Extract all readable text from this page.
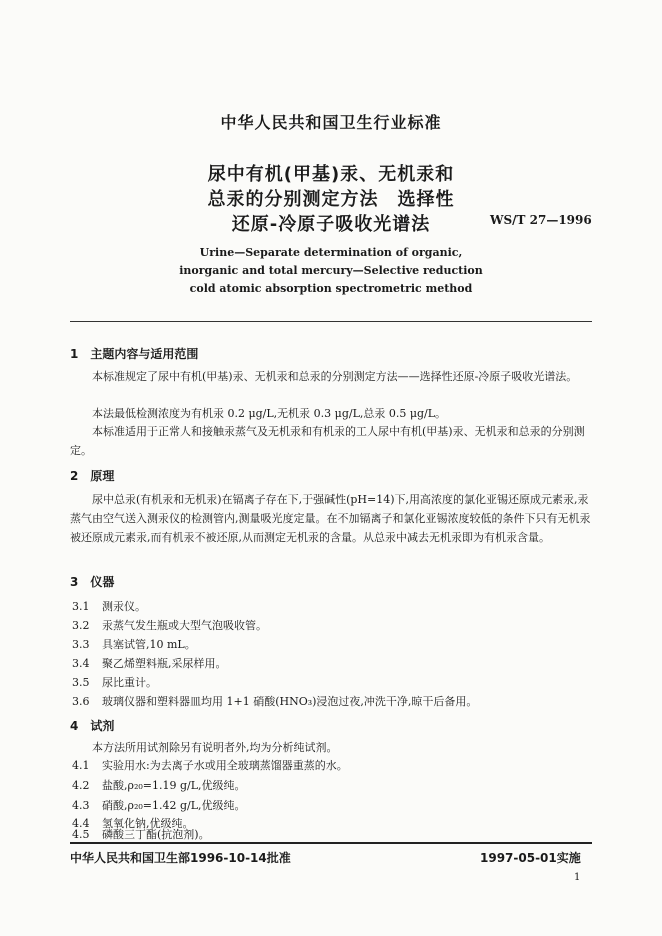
中华人民共和国卫生行业标准
尿中有机(甲基)汞、无机汞和
总汞的分别测定方法　选择性
还原-冷原子吸收光谱法	WS/T 27—1996
Urine—Separate determination of organic,
inorganic and total mercury—Selective reduction
cold atomic absorption spectrometric method
1　主题内容与适用范围
本标准规定了尿中有机(甲基)汞、无机汞和总汞的分别测定方法——选择性还原-冷原子吸收光谱法。
本法最低检测浓度为有机汞 0.2 μg/L,无机汞 0.3 μg/L,总汞 0.5 μg/L。
本标准适用于正常人和接触汞蒸气及无机汞和有机汞的工人尿中有机(甲基)汞、无机汞和总汞的分别测定。
2　原理
尿中总汞(有机汞和无机汞)在镉离子存在下,于强碱性(pH=14)下,用高浓度的氯化亚锡还原成元素汞,汞蒸气由空气送入测汞仪的检测管内,测量吸光度定量。在不加镉离子和氯化亚锡浓度较低的条件下只有无机汞被还原成元素汞,而有机汞不被还原,从而测定无机汞的含量。从总汞中减去无机汞即为有机汞含量。
3　仪器
3.1 测汞仪。
3.2 汞蒸气发生瓶或大型气泡吸收管。
3.3 具塞试管,10 mL。
3.4 聚乙烯塑料瓶,采尿样用。
3.5 尿比重计。
3.6 玻璃仪器和塑料器皿均用 1+1 硝酸(HNO₃)浸泡过夜,冲洗干净,晾干后备用。
4　试剂
本方法所用试剂除另有说明者外,均为分析纯试剂。
4.1 实验用水:为去离子水或用全玻璃蒸馏器重蒸的水。
4.2 盐酸,ρ₂₀=1.19 g/L,优级纯。
4.3 硝酸,ρ₂₀=1.42 g/L,优级纯。
4.4 氢氧化钠,优级纯。
4.5 磷酸三丁酯(抗泡剂)。
中华人民共和国卫生部1996-10-14批准	1997-05-01实施
1
